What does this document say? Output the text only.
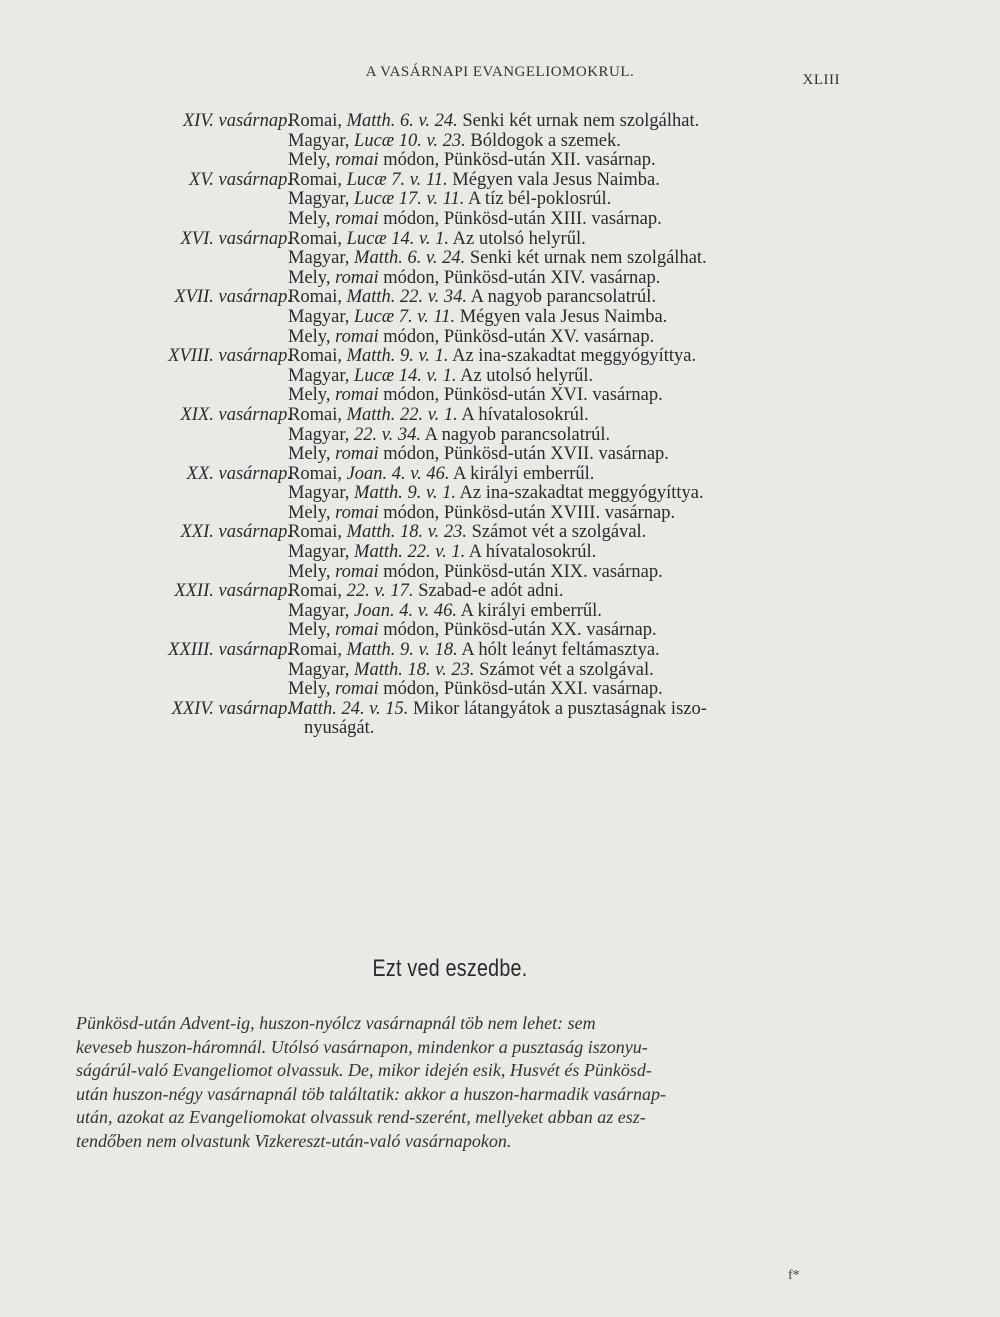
A VASÁRNAPI EVANGELIOMOKRUL.	XLIII
XIV. vasárnap.
Romai, Matth. 6. v. 24. Senki két urnak nem szolgálhat.
Magyar, Lucæ 10. v. 23. Bóldogok a szemek.
Mely, romai módon, Pünkösd-után XII. vasárnap.
XV. vasárnap.
Romai, Lucæ 7. v. 11. Mégyen vala Jesus Naimba.
Magyar, Lucæ 17. v. 11. A tíz bél-poklosrúl.
Mely, romai módon, Pünkösd-után XIII. vasárnap.
XVI. vasárnap.
Romai, Lucæ 14. v. 1. Az utolsó helyrűl.
Magyar, Matth. 6. v. 24. Senki két urnak nem szolgálhat.
Mely, romai módon, Pünkösd-után XIV. vasárnap.
XVII. vasárnap.
Romai, Matth. 22. v. 34. A nagyob parancsolatrúl.
Magyar, Lucæ 7. v. 11. Mégyen vala Jesus Naimba.
Mely, romai módon, Pünkösd-után XV. vasárnap.
XVIII. vasárnap.
Romai, Matth. 9. v. 1. Az ina-szakadtat meggyógyíttya.
Magyar, Lucæ 14. v. 1. Az utolsó helyrűl.
Mely, romai módon, Pünkösd-után XVI. vasárnap.
XIX. vasárnap.
Romai, Matth. 22. v. 1. A hívatalosokrúl.
Magyar, 22. v. 34. A nagyob parancsolatrúl.
Mely, romai módon, Pünkösd-után XVII. vasárnap.
XX. vasárnap.
Romai, Joan. 4. v. 46. A királyi emberrűl.
Magyar, Matth. 9. v. 1. Az ina-szakadtat meggyógyíttya.
Mely, romai módon, Pünkösd-után XVIII. vasárnap.
XXI. vasárnap.
Romai, Matth. 18. v. 23. Számot vét a szolgával.
Magyar, Matth. 22. v. 1. A hívatalosokrúl.
Mely, romai módon, Pünkösd-után XIX. vasárnap.
XXII. vasárnap.
Romai, 22. v. 17. Szabad-e adót adni.
Magyar, Joan. 4. v. 46. A királyi emberrűl.
Mely, romai módon, Pünkösd-után XX. vasárnap.
XXIII. vasárnap.
Romai, Matth. 9. v. 18. A hólt leányt feltámasztya.
Magyar, Matth. 18. v. 23. Számot vét a szolgával.
Mely, romai módon, Pünkösd-után XXI. vasárnap.
XXIV. vasárnap.
Matth. 24. v. 15. Mikor látangyátok a pusztaságnak iszo-
nyuságát.
Ezt ved eszedbe.
Pünkösd-után Advent-ig, huszon-nyólcz vasárnapnál töb nem lehet: sem
keveseb huszon-háromnál. Utólsó vasárnapon, mindenkor a pusztaság iszonyu-
ságárúl-való Evangeliomot olvassuk. De, mikor idején esik, Husvét és Pünkösd-
után huszon-négy vasárnapnál töb találtatik: akkor a huszon-harmadik vasárnap-
után, azokat az Evangeliomokat olvassuk rend-szerént, mellyeket abban az esz-
tendőben nem olvastunk Vizkereszt-után-való vasárnapokon.
f*
